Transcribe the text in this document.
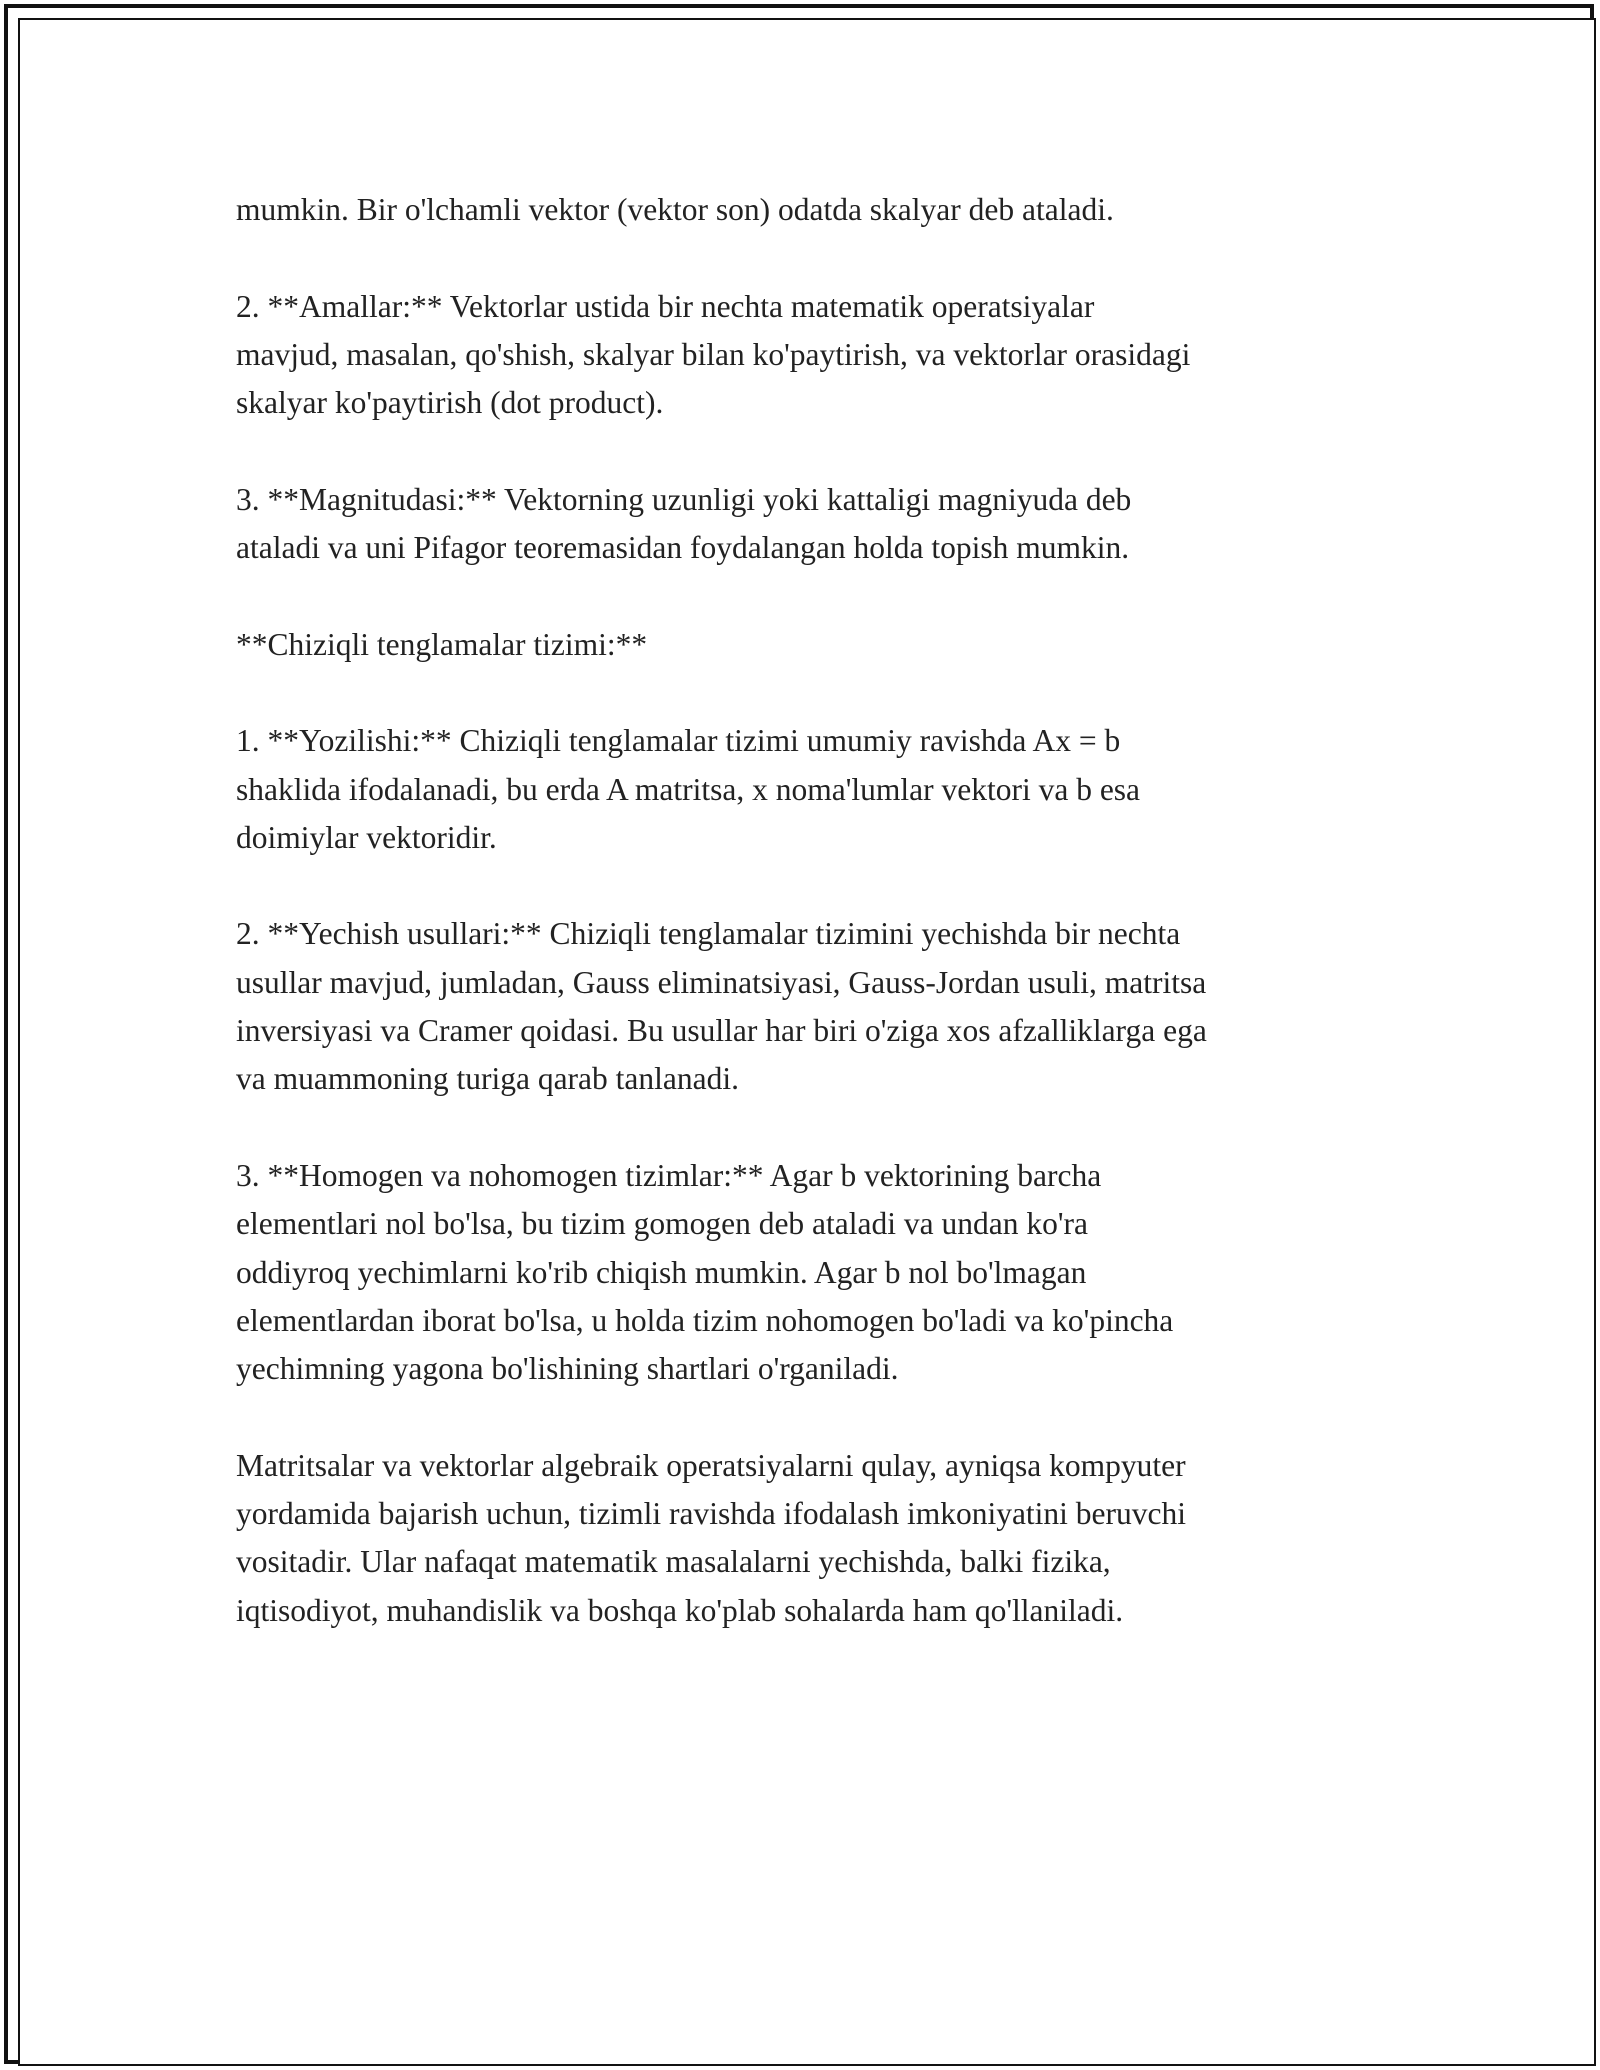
mumkin. Bir o'lchamli vektor (vektor son) odatda skalyar deb ataladi.

2. **Amallar:** Vektorlar ustida bir nechta matematik operatsiyalar
mavjud, masalan, qo'shish, skalyar bilan ko'paytirish, va vektorlar orasidagi
skalyar ko'paytirish (dot product).

3. **Magnitudasi:** Vektorning uzunligi yoki kattaligi magniyuda deb
ataladi va uni Pifagor teoremasidan foydalangan holda topish mumkin.

**Chiziqli tenglamalar tizimi:**

1. **Yozilishi:** Chiziqli tenglamalar tizimi umumiy ravishda Ax = b
shaklida ifodalanadi, bu erda A matritsa, x noma'lumlar vektori va b esa
doimiylar vektoridir.

2. **Yechish usullari:** Chiziqli tenglamalar tizimini yechishda bir nechta
usullar mavjud, jumladan, Gauss eliminatsiyasi, Gauss-Jordan usuli, matritsa
inversiyasi va Cramer qoidasi. Bu usullar har biri o'ziga xos afzalliklarga ega
va muammoning turiga qarab tanlanadi.

3. **Homogen va nohomogen tizimlar:** Agar b vektorining barcha
elementlari nol bo'lsa, bu tizim gomogen deb ataladi va undan ko'ra
oddiyroq yechimlarni ko'rib chiqish mumkin. Agar b nol bo'lmagan
elementlardan iborat bo'lsa, u holda tizim nohomogen bo'ladi va ko'pincha
yechimning yagona bo'lishining shartlari o'rganiladi.

Matritsalar va vektorlar algebraik operatsiyalarni qulay, ayniqsa kompyuter
yordamida bajarish uchun, tizimli ravishda ifodalash imkoniyatini beruvchi
vositadir. Ular nafaqat matematik masalalarni yechishda, balki fizika,
iqtisodiyot, muhandislik va boshqa ko'plab sohalarda ham qo'llaniladi.
